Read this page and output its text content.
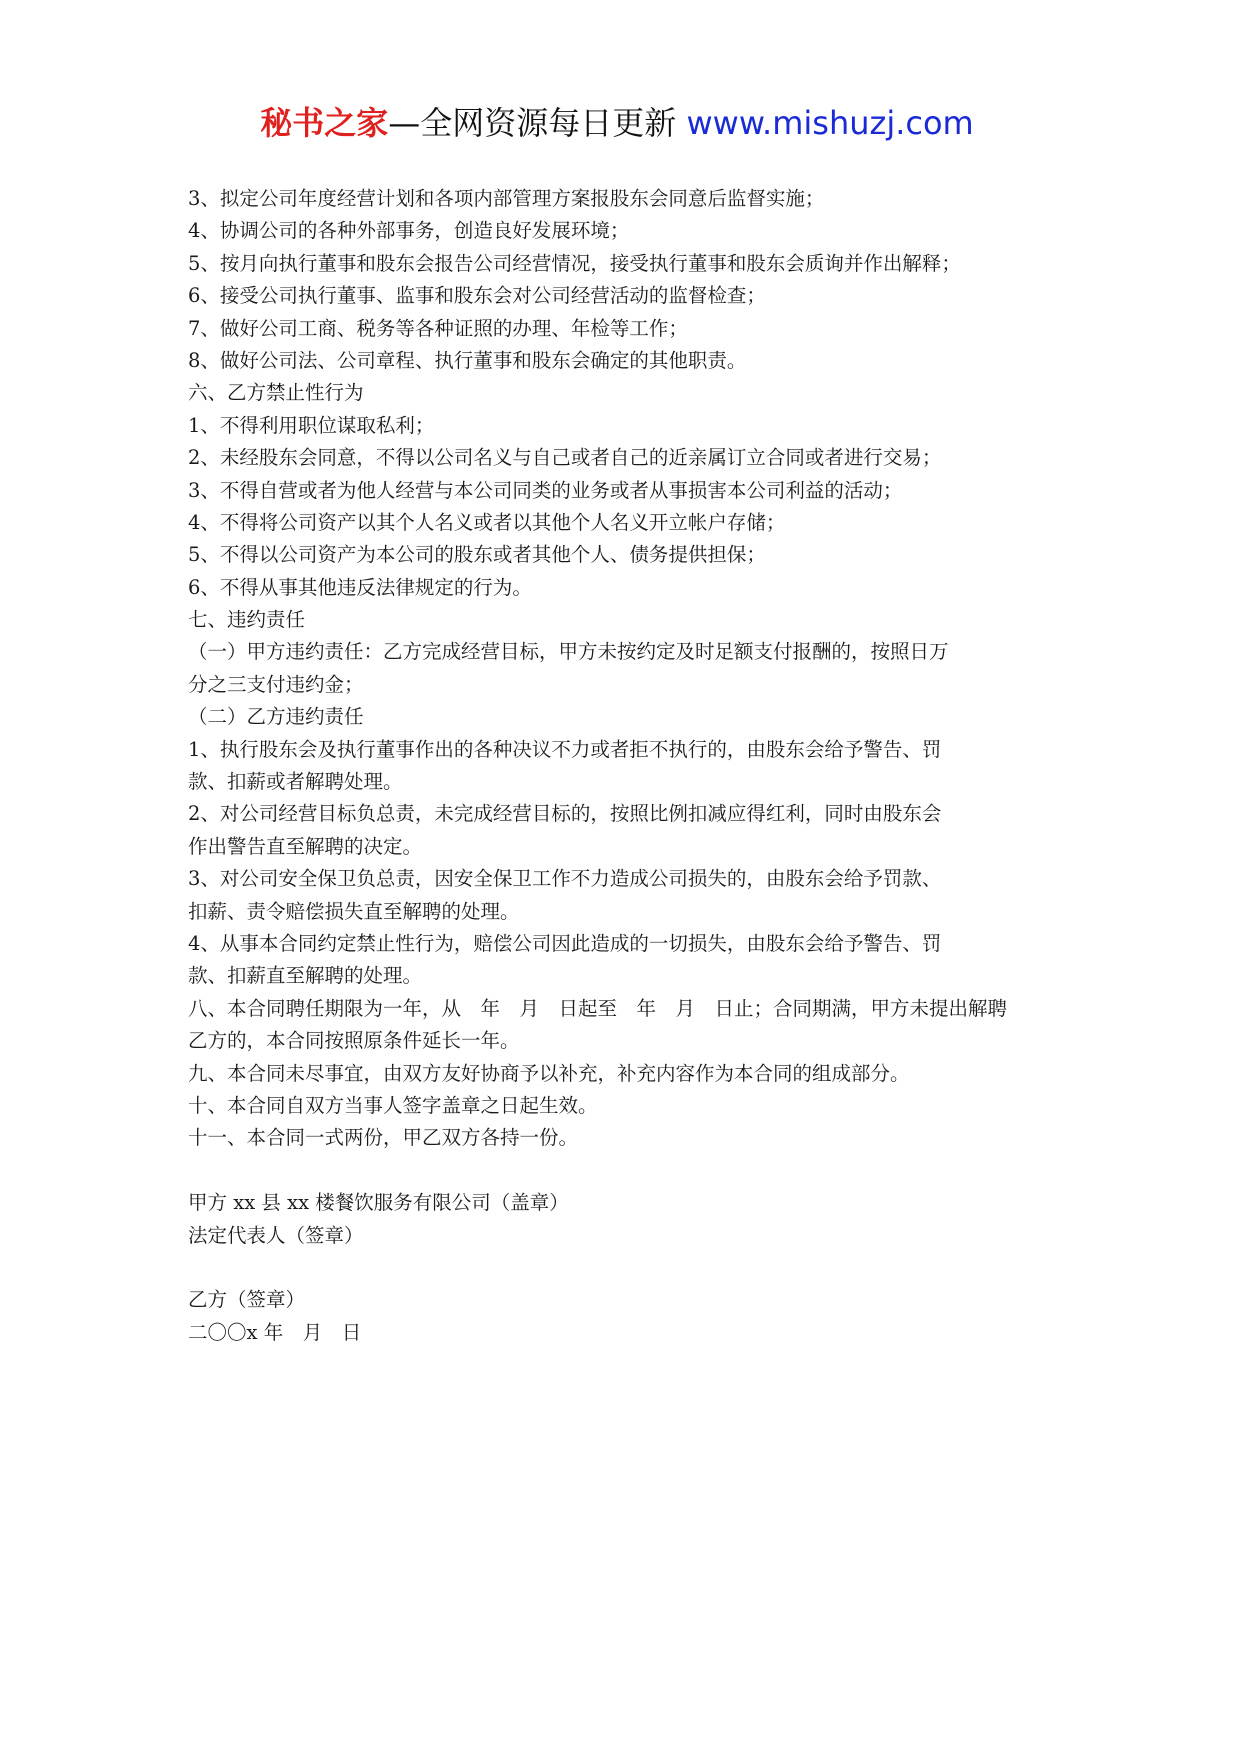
秘书之家—全网资源每日更新 www.mishuzj.com
3、拟定公司年度经营计划和各项内部管理方案报股东会同意后监督实施；
4、协调公司的各种外部事务，创造良好发展环境；
5、按月向执行董事和股东会报告公司经营情况，接受执行董事和股东会质询并作出解释；
6、接受公司执行董事、监事和股东会对公司经营活动的监督检查；
7、做好公司工商、税务等各种证照的办理、年检等工作；
8、做好公司法、公司章程、执行董事和股东会确定的其他职责。
六、乙方禁止性行为
1、不得利用职位谋取私利；
2、未经股东会同意，不得以公司名义与自己或者自己的近亲属订立合同或者进行交易；
3、不得自营或者为他人经营与本公司同类的业务或者从事损害本公司利益的活动；
4、不得将公司资产以其个人名义或者以其他个人名义开立帐户存储；
5、不得以公司资产为本公司的股东或者其他个人、债务提供担保；
6、不得从事其他违反法律规定的行为。
七、违约责任
（一）甲方违约责任：乙方完成经营目标，甲方未按约定及时足额支付报酬的，按照日万
分之三支付违约金；
（二）乙方违约责任
1、执行股东会及执行董事作出的各种决议不力或者拒不执行的，由股东会给予警告、罚
款、扣薪或者解聘处理。
2、对公司经营目标负总责，未完成经营目标的，按照比例扣减应得红利，同时由股东会
作出警告直至解聘的决定。
3、对公司安全保卫负总责，因安全保卫工作不力造成公司损失的，由股东会给予罚款、
扣薪、责令赔偿损失直至解聘的处理。
4、从事本合同约定禁止性行为，赔偿公司因此造成的一切损失，由股东会给予警告、罚
款、扣薪直至解聘的处理。
八、本合同聘任期限为一年，从　年　月　日起至　年　月　日止；合同期满，甲方未提出解聘
乙方的，本合同按照原条件延长一年。
九、本合同未尽事宜，由双方友好协商予以补充，补充内容作为本合同的组成部分。
十、本合同自双方当事人签字盖章之日起生效。
十一、本合同一式两份，甲乙双方各持一份。
甲方 xx 县 xx 楼餐饮服务有限公司（盖章）
法定代表人（签章）
乙方（签章）
二〇〇x 年　月　日
